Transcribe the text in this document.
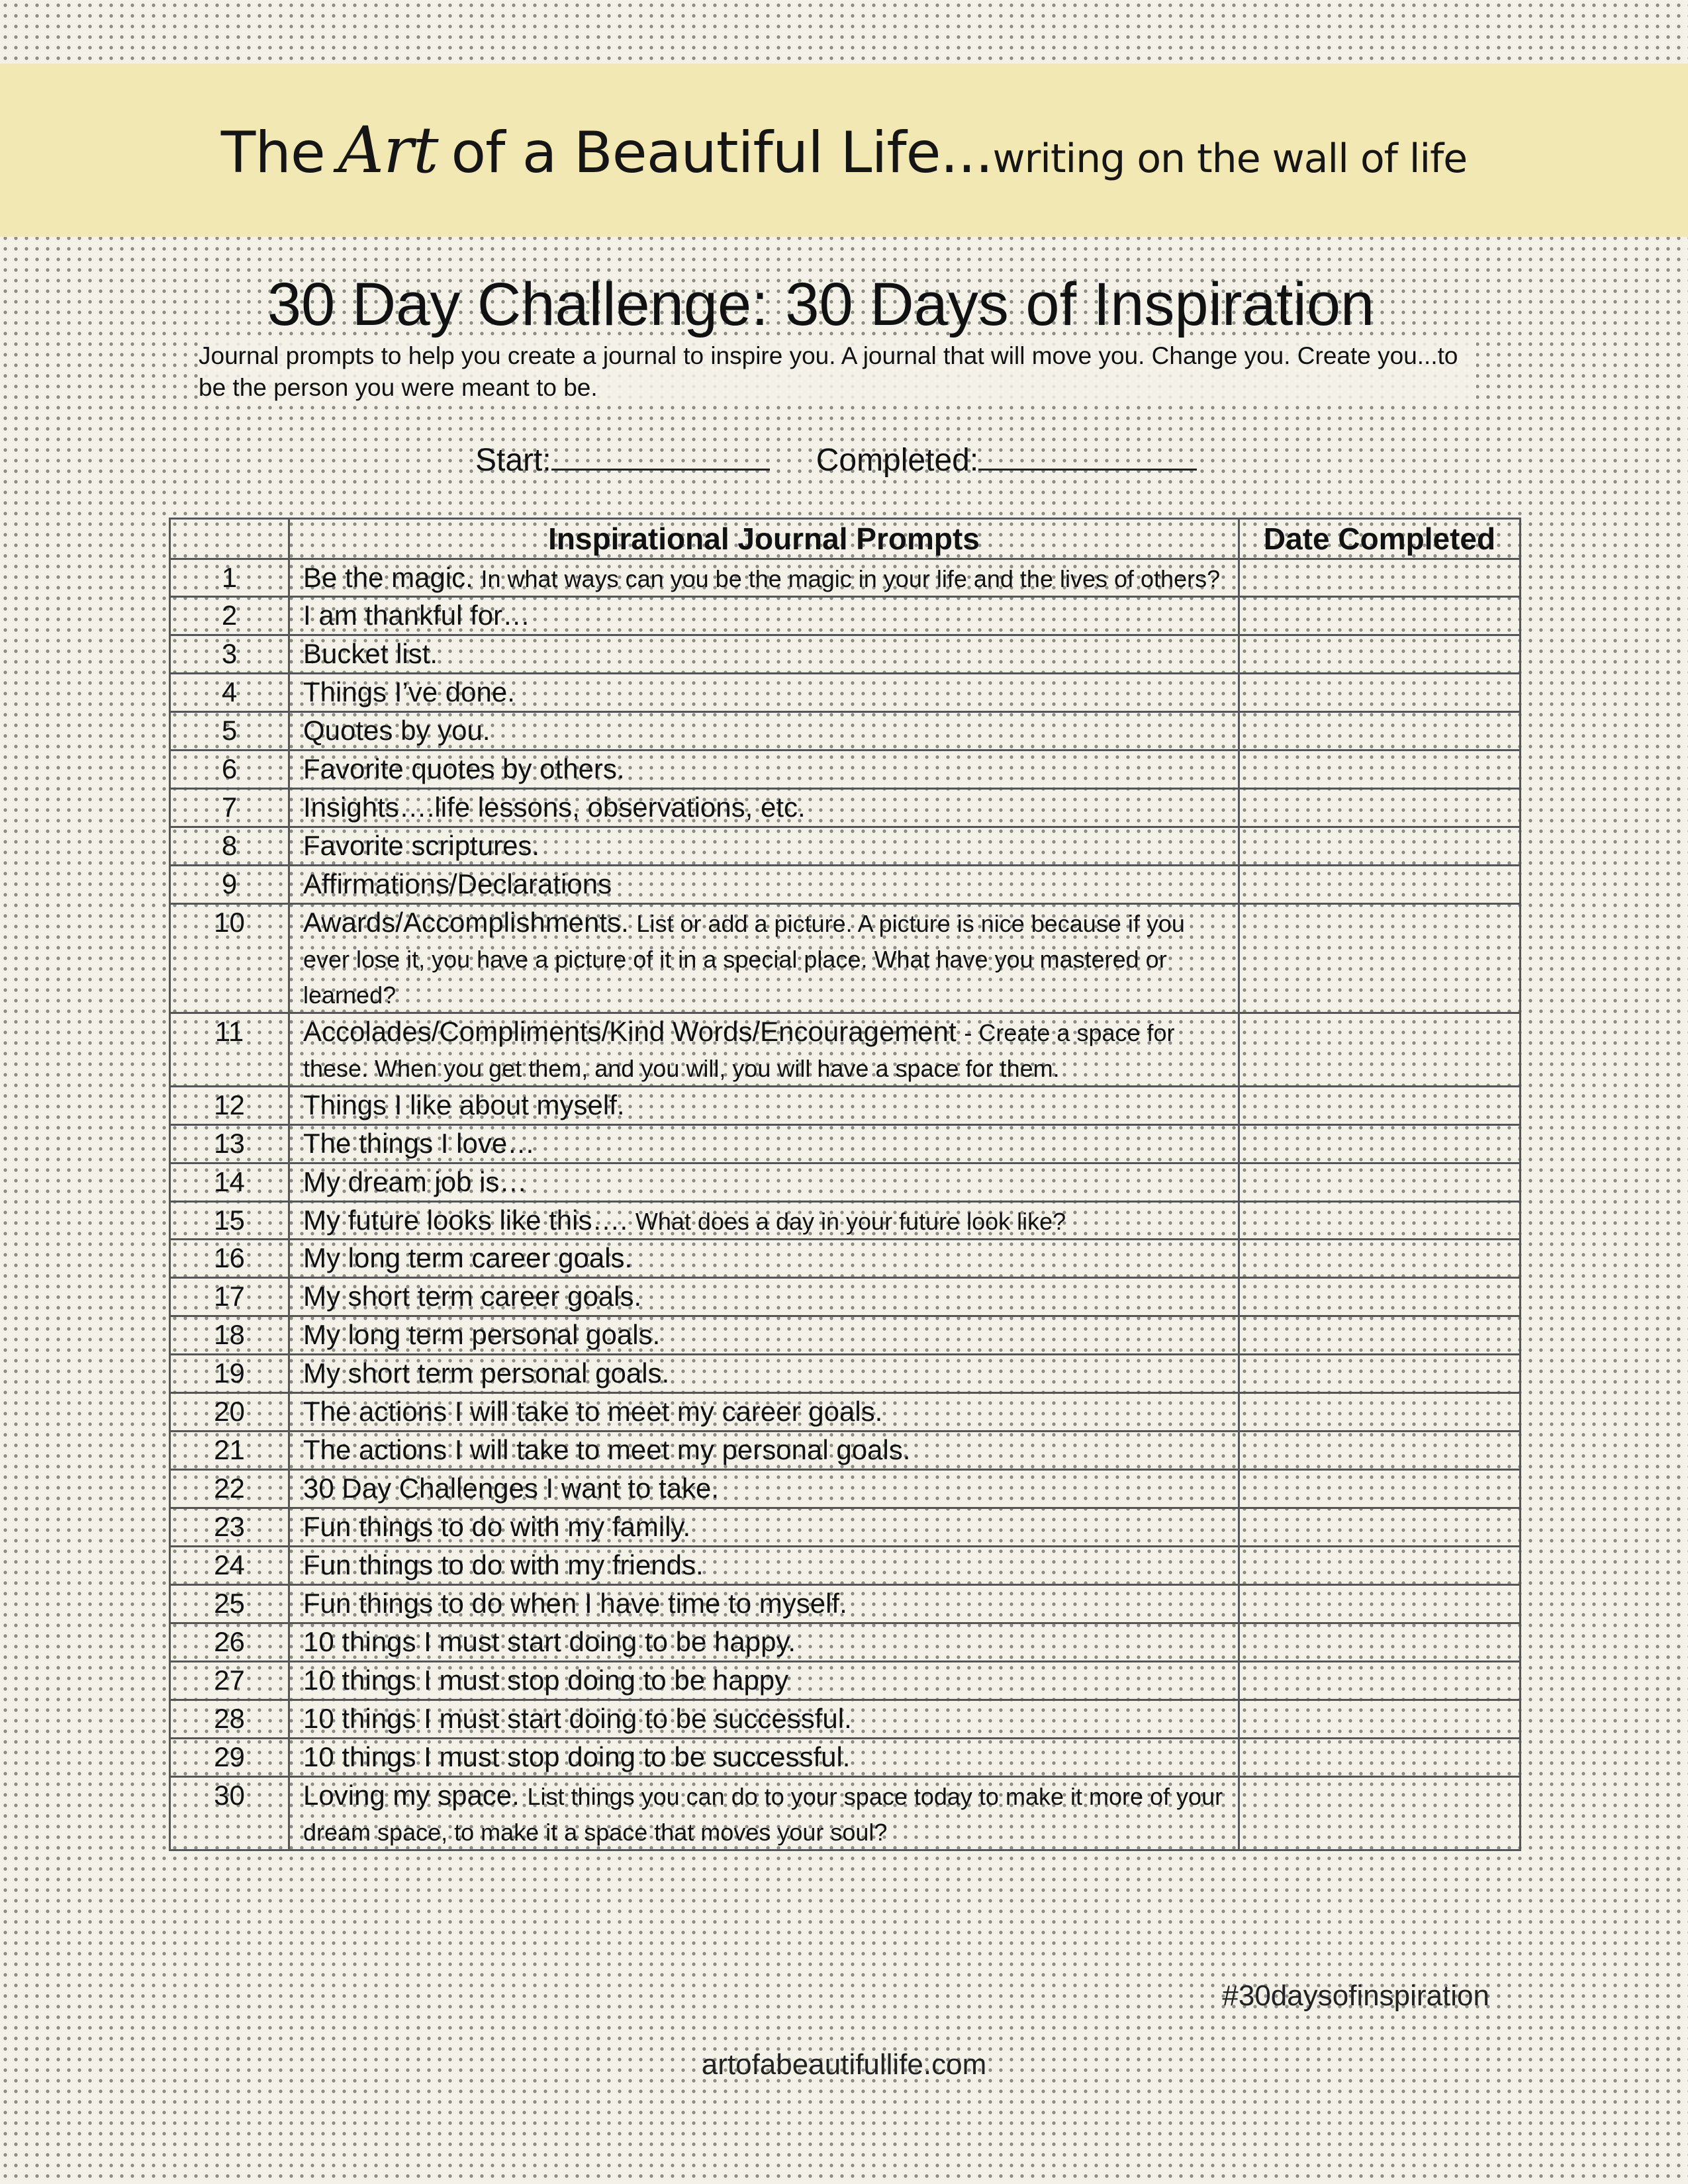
The Art of a Beautiful Life...writing on the wall of life
30 Day Challenge: 30 Days of Inspiration
Journal prompts to help you create a journal to inspire you. A journal that will move you. Change you. Create you...to be the person you were meant to be.
Start:	Completed:
	Inspirational Journal Prompts	Date Completed
1	Be the magic. In what ways can you be the magic in your life and the lives of others?	
2	I am thankful for…	
3	Bucket list.	
4	Things I’ve done.	
5	Quotes by you.	
6	Favorite quotes by others.	
7	Insights….life lessons, observations, etc.	
8	Favorite scriptures.	
9	Affirmations/Declarations	
10	Awards/Accomplishments. List or add a picture. A picture is nice because if you ever lose it, you have a picture of it in a special place. What have you mastered or learned?	
11	Accolades/Compliments/Kind Words/Encouragement - Create a space for these. When you get them, and you will, you will have a space for them.	
12	Things I like about myself.	
13	The things I love…	
14	My dream job is…	
15	My future looks like this…. What does a day in your future look like?	
16	My long term career goals.	
17	My short term career goals.	
18	My long term personal goals.	
19	My short term personal goals.	
20	The actions I will take to meet my career goals.	
21	The actions I will take to meet my personal goals.	
22	30 Day Challenges I want to take.	
23	Fun things to do with my family.	
24	Fun things to do with my friends.	
25	Fun things to do when I have time to myself.	
26	10 things I must start doing to be happy.	
27	10 things I must stop doing to be happy	
28	10 things I must start doing to be successful.	
29	10 things I must stop doing to be successful.	
30	Loving my space. List things you can do to your space today to make it more of your dream space, to make it a space that moves your soul?	
#30daysofinspiration
artofabeautifullife.com
